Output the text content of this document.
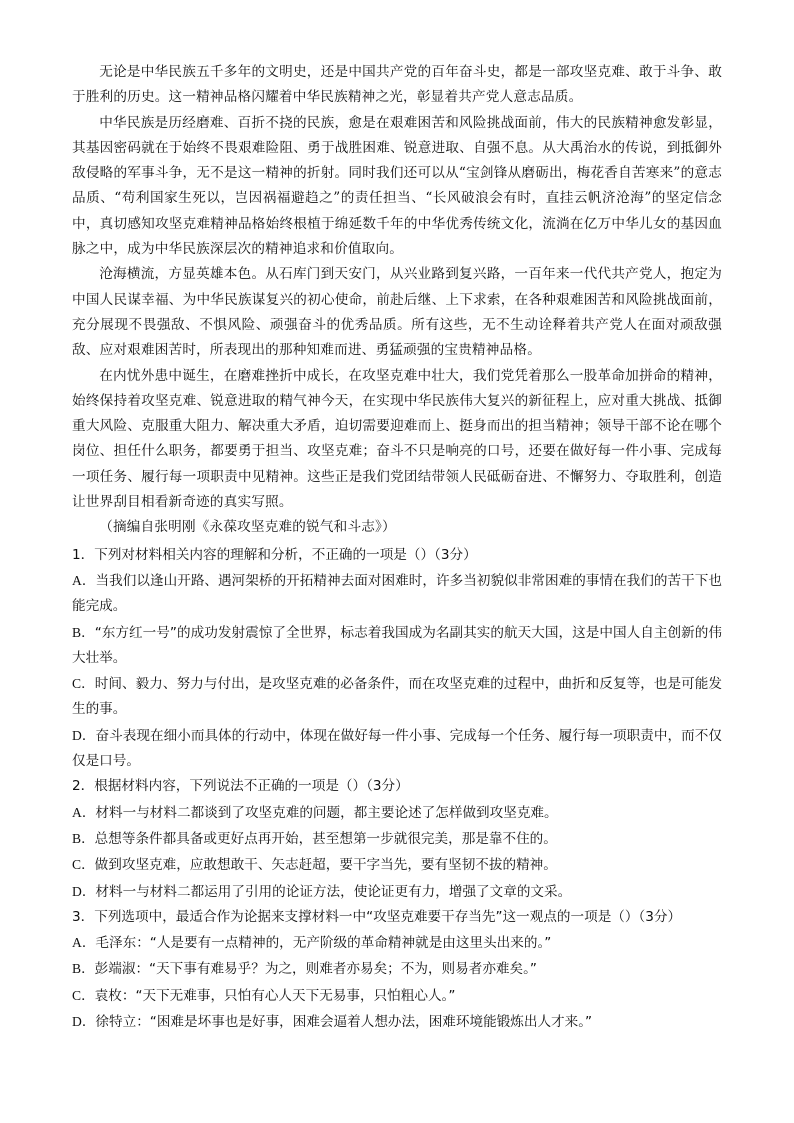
无论是中华民族五千多年的文明史，还是中国共产党的百年奋斗史，都是一部攻坚克难、敢于斗争、敢于胜利的历史。这一精神品格闪耀着中华民族精神之光，彰显着共产党人意志品质。

中华民族是历经磨难、百折不挠的民族，愈是在艰难困苦和风险挑战面前，伟大的民族精神愈发彰显，其基因密码就在于始终不畏艰难险阻、勇于战胜困难、锐意进取、自强不息。从大禹治水的传说，到抵御外敌侵略的军事斗争，无不是这一精神的折射。同时我们还可以从“宝剑锋从磨砺出，梅花香自苦寒来”的意志品质、“苟利国家生死以，岂因祸福避趋之”的责任担当、“长风破浪会有时，直挂云帆济沧海”的坚定信念中，真切感知攻坚克难精神品格始终根植于绵延数千年的中华优秀传统文化，流淌在亿万中华儿女的基因血脉之中，成为中华民族深层次的精神追求和价值取向。

沧海横流，方显英雄本色。从石库门到天安门，从兴业路到复兴路，一百年来一代代共产党人，抱定为中国人民谋幸福、为中华民族谋复兴的初心使命，前赴后继、上下求索，在各种艰难困苦和风险挑战面前，充分展现不畏强敌、不惧风险、顽强奋斗的优秀品质。所有这些，无不生动诠释着共产党人在面对顽敌强敌、应对艰难困苦时，所表现出的那种知难而进、勇猛顽强的宝贵精神品格。

在内忧外患中诞生，在磨难挫折中成长，在攻坚克难中壮大，我们党凭着那么一股革命加拼命的精神，始终保持着攻坚克难、锐意进取的精气神今天，在实现中华民族伟大复兴的新征程上，应对重大挑战、抵御重大风险、克服重大阻力、解决重大矛盾，迫切需要迎难而上、挺身而出的担当精神；领导干部不论在哪个岗位、担任什么职务，都要勇于担当、攻坚克难；奋斗不只是响亮的口号，还要在做好每一件小事、完成每一项任务、履行每一项职责中见精神。这些正是我们党团结带领人民砥砺奋进、不懈努力、夺取胜利，创造让世界刮目相看新奇迹的真实写照。

（摘编自张明刚《永葆攻坚克难的锐气和斗志》）

1．下列对材料相关内容的理解和分析，不正确的一项是（）（3分）

A．当我们以逢山开路、遇河架桥的开拓精神去面对困难时，许多当初貌似非常困难的事情在我们的苦干下也能完成。

B．“东方红一号”的成功发射震惊了全世界，标志着我国成为名副其实的航天大国，这是中国人自主创新的伟大壮举。

C．时间、毅力、努力与付出，是攻坚克难的必备条件，而在攻坚克难的过程中，曲折和反复等，也是可能发生的事。

D．奋斗表现在细小而具体的行动中，体现在做好每一件小事、完成每一个任务、履行每一项职责中，而不仅仅是口号。

2．根据材料内容，下列说法不正确的一项是（）（3分）

A．材料一与材料二都谈到了攻坚克难的问题，都主要论述了怎样做到攻坚克难。

B．总想等条件都具备或更好点再开始，甚至想第一步就很完美，那是靠不住的。

C．做到攻坚克难，应敢想敢干、矢志赶超，要干字当先，要有坚韧不拔的精神。

D．材料一与材料二都运用了引用的论证方法，使论证更有力，增强了文章的文采。

3．下列选项中，最适合作为论据来支撑材料一中“攻坚克难要干存当先”这一观点的一项是（）（3分）

A．毛泽东：“人是要有一点精神的，无产阶级的革命精神就是由这里头出来的。”

B．彭端淑：“天下事有难易乎？为之，则难者亦易矣；不为，则易者亦难矣。”

C．袁枚：“天下无难事，只怕有心人天下无易事，只怕粗心人。”

D．徐特立：“困难是坏事也是好事，困难会逼着人想办法，困难环境能锻炼出人才来。”
